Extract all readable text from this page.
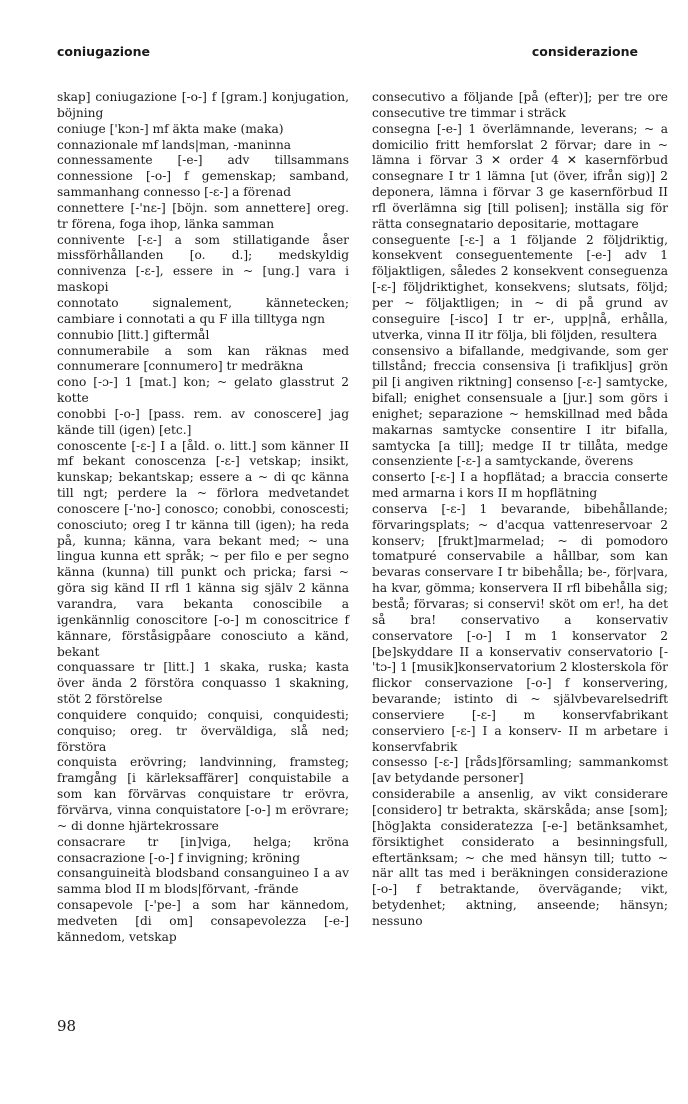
coniugazione	considerazione

skap] coniugazione [-o-] f [gram.] konjugation, böjning

coniuge ['kɔn-] mf äkta make (maka)

connazionale mf lands|man, -maninna

connessamente [-e-] adv tillsammans connessione [-o-] f gemenskap; samband, sammanhang connesso [-ɛ-] a förenad

connettere [-'nɛ-] [böjn. som annettere] oreg. tr förena, foga ihop, länka samman

connivente [-ɛ-] a som stillatigande åser missförhållanden [o. d.]; medskyldig connivenza [-ɛ-], essere in ~ [ung.] vara i maskopi

connotato signalement, kännetecken; cambiare i connotati a qu F illa tilltyga ngn

connubio [litt.] giftermål

connumerabile a som kan räknas med connumerare [connumero] tr medräkna

cono [-ɔ-] 1 [mat.] kon; ~ gelato glasstrut 2 kotte

conobbi [-o-] [pass. rem. av conoscere] jag kände till (igen) [etc.]

conoscente [-ɛ-] I a [åld. o. litt.] som känner II mf bekant conoscenza [-ɛ-] vetskap; insikt, kunskap; bekantskap; essere a ~ di qc känna till ngt; perdere la ~ förlora medvetandet conoscere [-'no-] conosco; conobbi, conoscesti; conosciuto; oreg I tr känna till (igen); ha reda på, kunna; känna, vara bekant med; ~ una lingua kunna ett språk; ~ per filo e per segno känna (kunna) till punkt och pricka; farsi ~ göra sig känd II rfl 1 känna sig själv 2 känna varandra, vara bekanta conoscibile a igenkännlig conoscitore [-o-] m conoscitrice f kännare, förståsigpåare conosciuto a känd, bekant

conquassare tr [litt.] 1 skaka, ruska; kasta över ända 2 förstöra conquasso 1 skakning, stöt 2 förstörelse

conquidere conquido; conquisi, conquidesti; conquiso; oreg. tr överväldiga, slå ned; förstöra

conquista erövring; landvinning, framsteg; framgång [i kärleksaffärer] conquistabile a som kan förvärvas conquistare tr erövra, förvärva, vinna conquistatore [-o-] m erövrare; ~ di donne hjärtekrossare

consacrare tr [in]viga, helga; kröna consacrazione [-o-] f invigning; kröning

consanguineità blodsband consanguineo I a av samma blod II m blods|förvant, -frände

consapevole [-'pe-] a som har kännedom, medveten [di om] consapevolezza [-e-] kännedom, vetskap

consecutivo a följande [på (efter)]; per tre ore consecutive tre timmar i sträck

consegna [-e-] 1 överlämnande, leverans; ~ a domicilio fritt hemforslat 2 förvar; dare in ~ lämna i förvar 3 ✕ order 4 ✕ kasernförbud consegnare I tr 1 lämna [ut (över, ifrån sig)] 2 deponera, lämna i förvar 3 ge kasernförbud II rfl överlämna sig [till polisen]; inställa sig för rätta consegnatario depositarie, mottagare

conseguente [-ɛ-] a 1 följande 2 följdriktig, konsekvent conseguentemente [-e-] adv 1 följaktligen, således 2 konsekvent conseguenza [-ɛ-] följdriktighet, konsekvens; slutsats, följd; per ~ följaktligen; in ~ di på grund av conseguire [-isco] I tr er-, upp|nå, erhålla, utverka, vinna II itr följa, bli följden, resultera

consensivo a bifallande, medgivande, som ger tillstånd; freccia consensiva [i trafikljus] grön pil [i angiven riktning] consenso [-ɛ-] samtycke, bifall; enighet consensuale a [jur.] som görs i enighet; separazione ~ hemskillnad med båda makarnas samtycke consentire I itr bifalla, samtycka [a till]; medge II tr tillåta, medge consenziente [-ɛ-] a samtyckande, överens

conserto [-ɛ-] I a hopflätad; a braccia conserte med armarna i kors II m hopflätning

conserva [-ɛ-] 1 bevarande, bibehållande; förvaringsplats; ~ d'acqua vattenreservoar 2 konserv; [frukt]marmelad; ~ di pomodoro tomatpuré conservabile a hållbar, som kan bevaras conservare I tr bibehålla; be-, för|vara, ha kvar, gömma; konservera II rfl bibehålla sig; bestå; förvaras; si conservi! sköt om er!, ha det så bra! conservativo a konservativ conservatore [-o-] I m 1 konservator 2 [be]skyddare II a konservativ conservatorio [-'tɔ-] 1 [musik]konservatorium 2 klosterskola för flickor conservazione [-o-] f konservering, bevarande; istinto di ~ självbevarelsedrift conserviere [-ɛ-] m konservfabrikant conserviero [-ɛ-] I a konserv- II m arbetare i konservfabrik

consesso [-ɛ-] [råds]församling; sammankomst [av betydande personer]

considerabile a ansenlig, av vikt considerare [considero] tr betrakta, skärskåda; anse [som]; [hög]akta consideratezza [-e-] betänksamhet, försiktighet considerato a besinningsfull, eftertänksam; ~ che med hänsyn till; tutto ~ när allt tas med i beräkningen considerazione [-o-] f betraktande, övervägande; vikt, betydenhet; aktning, anseende; hänsyn; nessuno

98
